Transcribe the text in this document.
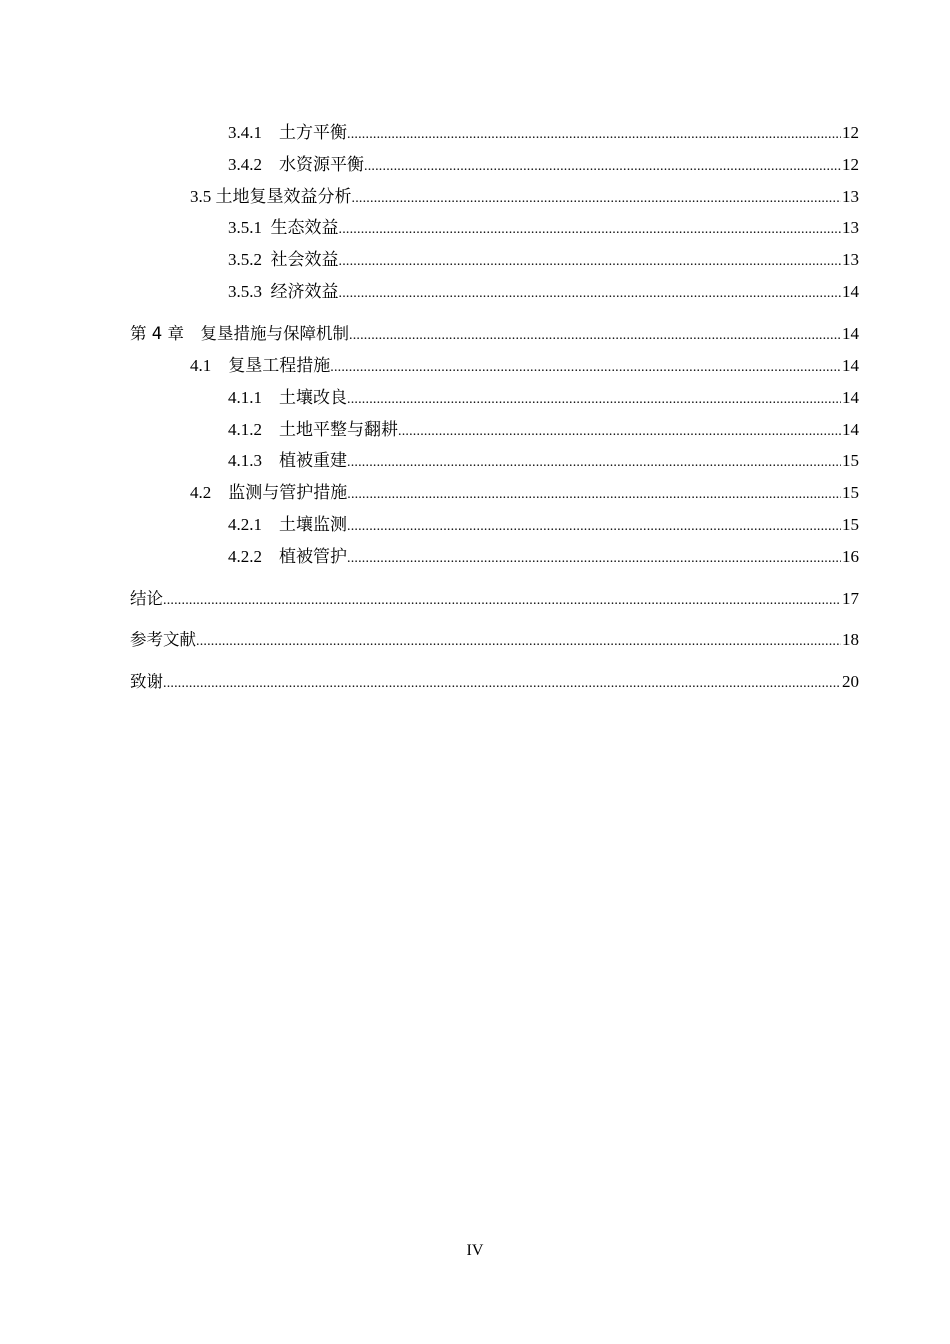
3.4.1　土方平衡 .....	12
3.4.2　水资源平衡 .....	12
3.5 土地复垦效益分析 .....	13
3.5.1  生态效益 .....	13
3.5.2  社会效益 .....	13
3.5.3  经济效益 .....	14
第 4 章　复垦措施与保障机制 .....	14
4.1　复垦工程措施 .....	14
4.1.1　土壤改良 .....	14
4.1.2　土地平整与翻耕 .....	14
4.1.3　植被重建 .....	15
4.2　监测与管护措施 .....	15
4.2.1　土壤监测 .....	15
4.2.2　植被管护 .....	16
结论 .....	17
参考文献 .....	18
致谢 .....	20
IV
